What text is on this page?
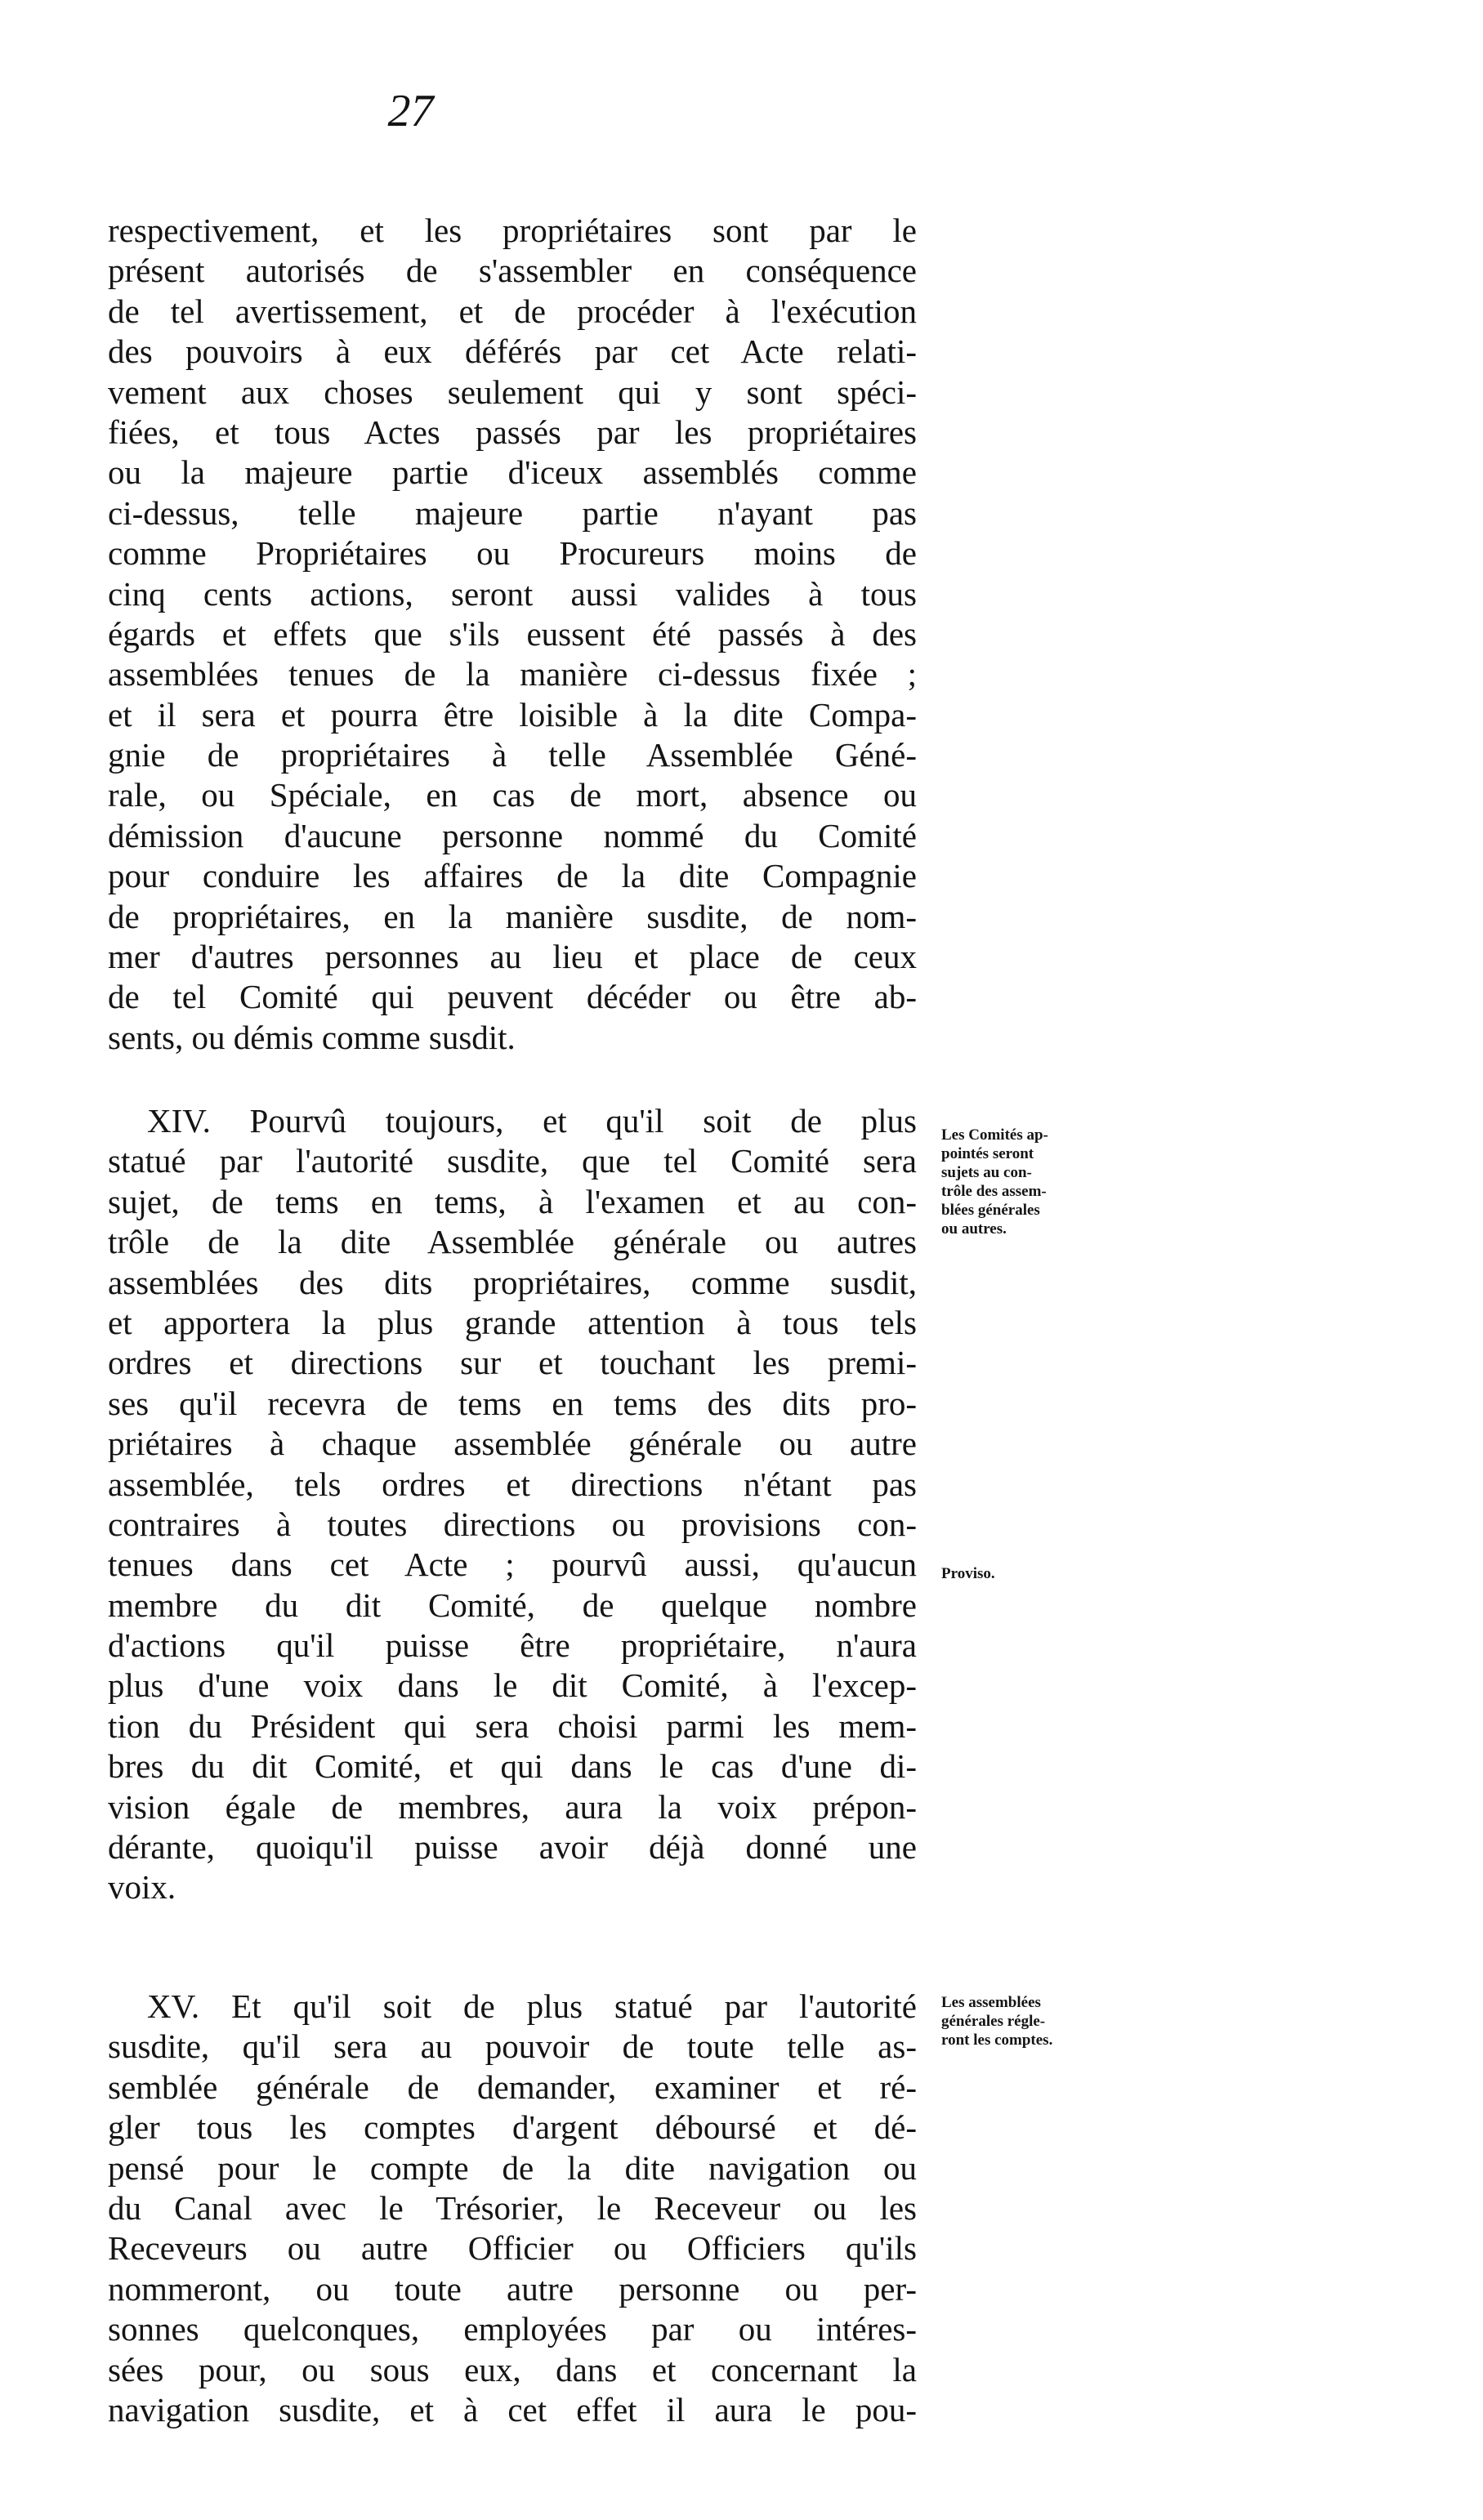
27
respectivement, et les propriétaires sont par le
présent autorisés de s'assembler en conséquence
de tel avertissement, et de procéder à l'exécution
des pouvoirs à eux déférés par cet Acte relati-
vement aux choses seulement qui y sont spéci-
fiées, et tous Actes passés par les propriétaires
ou la majeure partie d'iceux assemblés comme
ci-dessus, telle majeure partie n'ayant pas
comme Propriétaires ou Procureurs moins de
cinq cents actions, seront aussi valides à tous
égards et effets que s'ils eussent été passés à des
assemblées tenues de la manière ci-dessus fixée ;
et il sera et pourra être loisible à la dite Compa-
gnie de propriétaires à telle Assemblée Géné-
rale, ou Spéciale, en cas de mort, absence ou
démission d'aucune personne nommé du Comité
pour conduire les affaires de la dite Compagnie
de propriétaires, en la manière susdite, de nom-
mer d'autres personnes au lieu et place de ceux
de tel Comité qui peuvent décéder ou être ab-
sents, ou démis comme susdit.
XIV. Pourvû toujours, et qu'il soit de plus
statué par l'autorité susdite, que tel Comité sera
sujet, de tems en tems, à l'examen et au con-
trôle de la dite Assemblée générale ou autres
assemblées des dits propriétaires, comme susdit,
et apportera la plus grande attention à tous tels
ordres et directions sur et touchant les premi-
ses qu'il recevra de tems en tems des dits pro-
priétaires à chaque assemblée générale ou autre
assemblée, tels ordres et directions n'étant pas
contraires à toutes directions ou provisions con-
tenues dans cet Acte ; pourvû aussi, qu'aucun
membre du dit Comité, de quelque nombre
d'actions qu'il puisse être propriétaire, n'aura
plus d'une voix dans le dit Comité, à l'excep-
tion du Président qui sera choisi parmi les mem-
bres du dit Comité, et qui dans le cas d'une di-
vision égale de membres, aura la voix prépon-
dérante, quoiqu'il puisse avoir déjà donné une
voix.
XV. Et qu'il soit de plus statué par l'autorité
susdite, qu'il sera au pouvoir de toute telle as-
semblée générale de demander, examiner et ré-
gler tous les comptes d'argent déboursé et dé-
pensé pour le compte de la dite navigation ou
du Canal avec le Trésorier, le Receveur ou les
Receveurs ou autre Officier ou Officiers qu'ils
nommeront, ou toute autre personne ou per-
sonnes quelconques, employées par ou intéres-
sées pour, ou sous eux, dans et concernant la
navigation susdite, et à cet effet il aura le pou-
Les Comités ap-
pointés seront
sujets au con-
trôle des assem-
blées générales
ou autres.
Proviso.
Les assemblées
générales régle-
ront les comptes.
